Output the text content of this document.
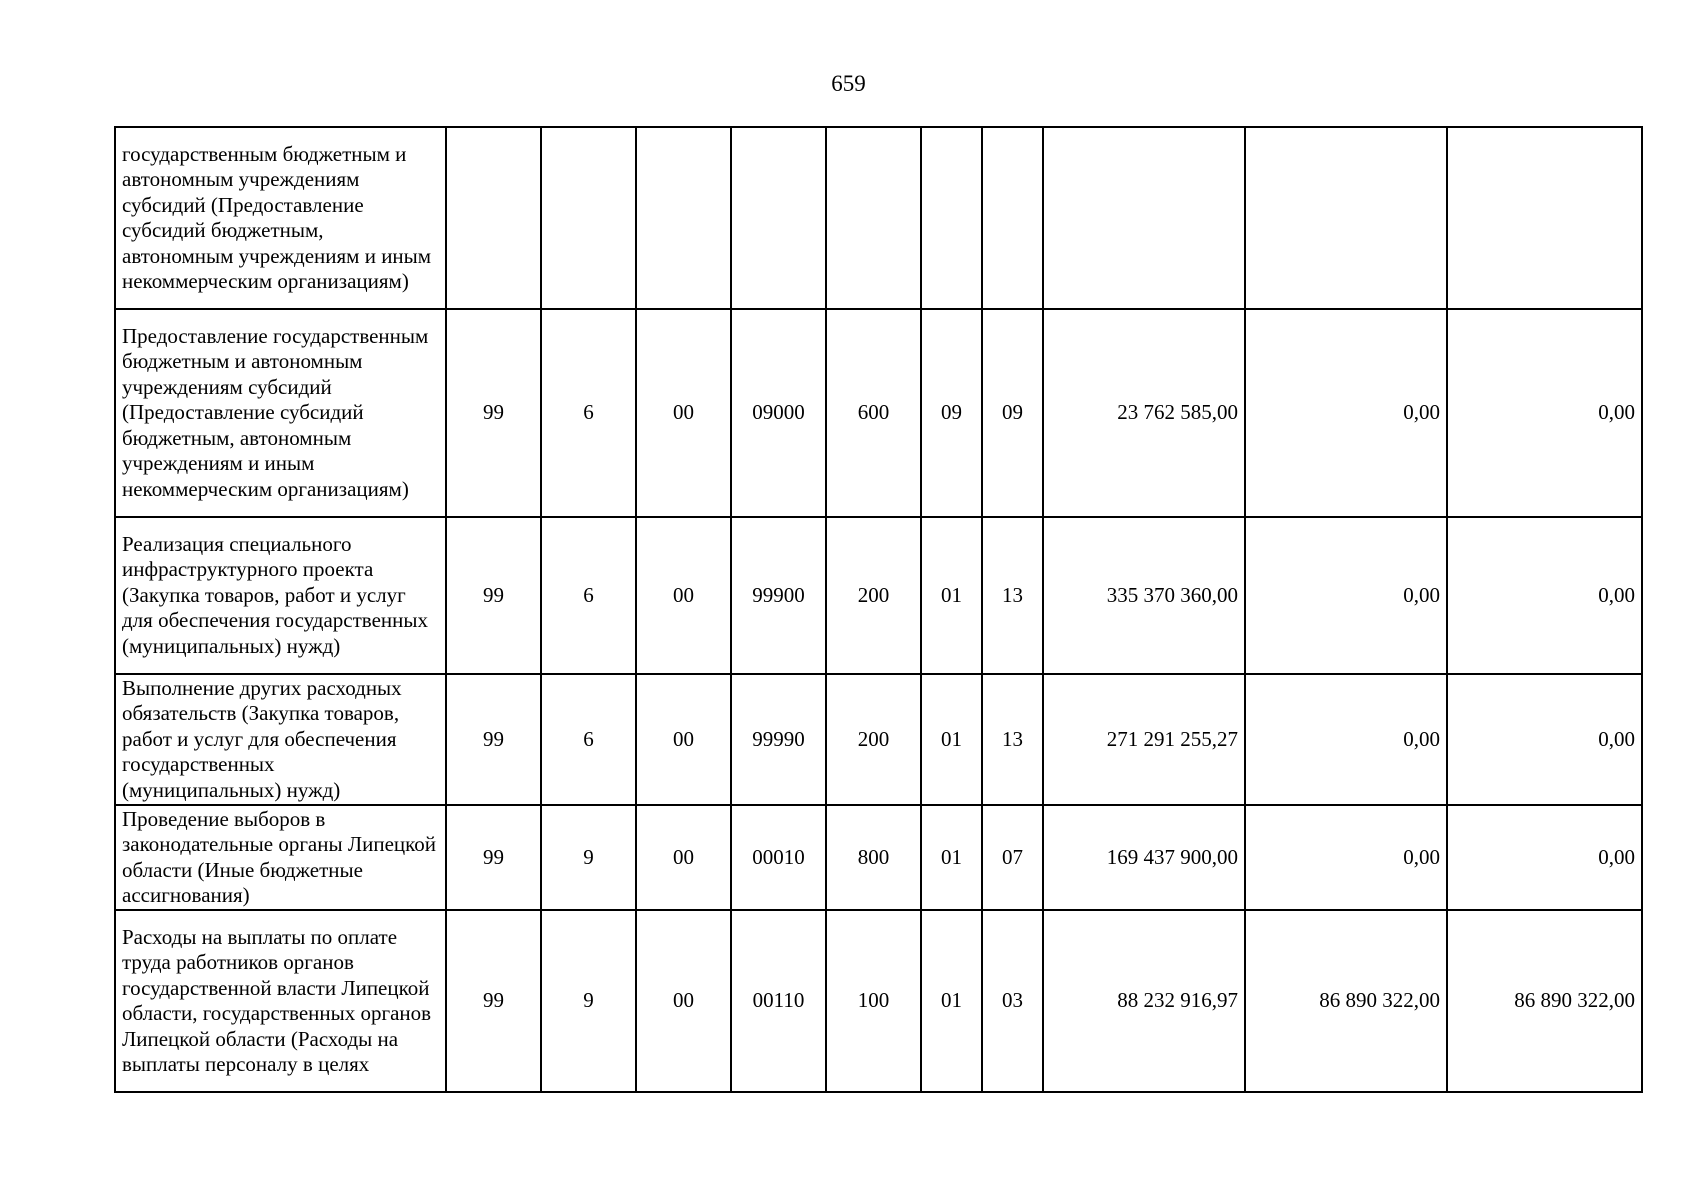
659
государственным бюджетным и автономным учреждениям субсидий (Предоставление субсидий бюджетным, автономным учреждениям и иным некоммерческим организациям)										
Предоставление государственным бюджетным и автономным учреждениям субсидий (Предоставление субсидий бюджетным, автономным учреждениям и иным некоммерческим организациям)	99	6	00	09000	600	09	09	23 762 585,00	0,00	0,00
Реализация специального инфраструктурного проекта (Закупка товаров, работ и услуг для обеспечения государственных (муниципальных) нужд)	99	6	00	99900	200	01	13	335 370 360,00	0,00	0,00
Выполнение других расходных обязательств (Закупка товаров, работ и услуг для обеспечения государственных (муниципальных) нужд)	99	6	00	99990	200	01	13	271 291 255,27	0,00	0,00
Проведение выборов в законодательные органы Липецкой области (Иные бюджетные ассигнования)	99	9	00	00010	800	01	07	169 437 900,00	0,00	0,00
Расходы на выплаты по оплате труда работников органов государственной власти Липецкой области, государственных органов Липецкой области (Расходы на выплаты персоналу в целях	99	9	00	00110	100	01	03	88 232 916,97	86 890 322,00	86 890 322,00
